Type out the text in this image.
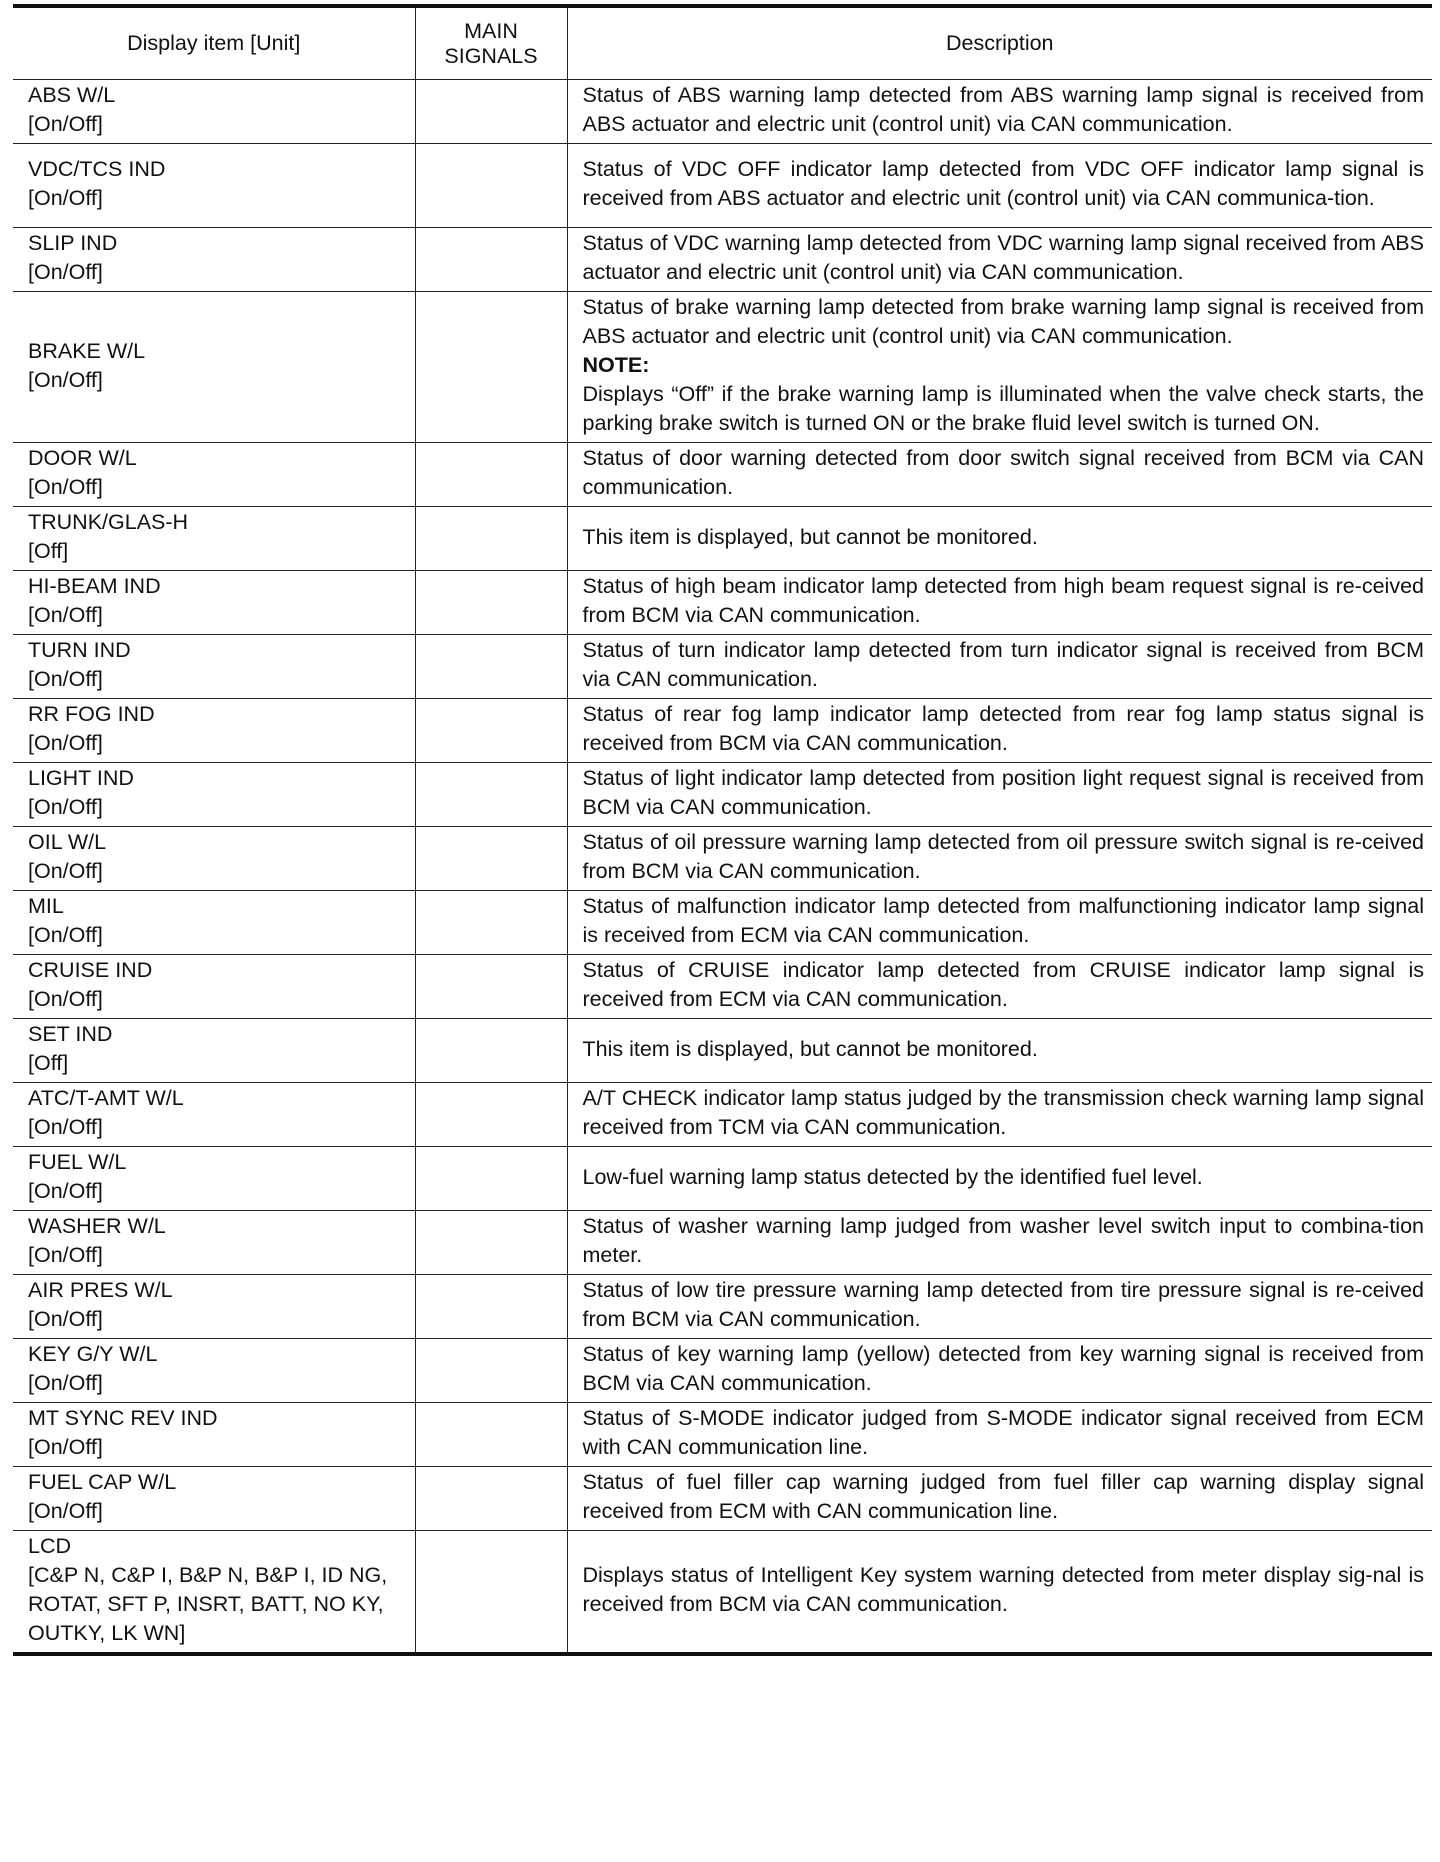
Display item [Unit]	MAIN
SIGNALS	Description

ABS W/L
[On/Off]		Status of ABS warning lamp detected from ABS warning lamp signal is received from ABS actuator and electric unit (control unit) via CAN communication.

VDC/TCS IND
[On/Off]		Status of VDC OFF indicator lamp detected from VDC OFF indicator lamp signal is received from ABS actuator and electric unit (control unit) via CAN communica-tion.

SLIP IND
[On/Off]		Status of VDC warning lamp detected from VDC warning lamp signal received from ABS actuator and electric unit (control unit) via CAN communication.

BRAKE W/L
[On/Off]		Status of brake warning lamp detected from brake warning lamp signal is received from ABS actuator and electric unit (control unit) via CAN communication.
NOTE:
Displays “Off” if the brake warning lamp is illuminated when the valve check starts, the parking brake switch is turned ON or the brake fluid level switch is turned ON.

DOOR W/L
[On/Off]		Status of door warning detected from door switch signal received from BCM via CAN communication.

TRUNK/GLAS-H
[Off]		This item is displayed, but cannot be monitored.

HI-BEAM IND
[On/Off]		Status of high beam indicator lamp detected from high beam request signal is re-ceived from BCM via CAN communication.

TURN IND
[On/Off]		Status of turn indicator lamp detected from turn indicator signal is received from BCM via CAN communication.

RR FOG IND
[On/Off]		Status of rear fog lamp indicator lamp detected from rear fog lamp status signal is received from BCM via CAN communication.

LIGHT IND
[On/Off]		Status of light indicator lamp detected from position light request signal is received from BCM via CAN communication.

OIL W/L
[On/Off]		Status of oil pressure warning lamp detected from oil pressure switch signal is re-ceived from BCM via CAN communication.

MIL
[On/Off]		Status of malfunction indicator lamp detected from malfunctioning indicator lamp signal is received from ECM via CAN communication.

CRUISE IND
[On/Off]		Status of CRUISE indicator lamp detected from CRUISE indicator lamp signal is received from ECM via CAN communication.

SET IND
[Off]		This item is displayed, but cannot be monitored.

ATC/T-AMT W/L
[On/Off]		A/T CHECK indicator lamp status judged by the transmission check warning lamp signal received from TCM via CAN communication.

FUEL W/L
[On/Off]		Low-fuel warning lamp status detected by the identified fuel level.

WASHER W/L
[On/Off]		Status of washer warning lamp judged from washer level switch input to combina-tion meter.

AIR PRES W/L
[On/Off]		Status of low tire pressure warning lamp detected from tire pressure signal is re-ceived from BCM via CAN communication.

KEY G/Y W/L
[On/Off]		Status of key warning lamp (yellow) detected from key warning signal is received from BCM via CAN communication.

MT SYNC REV IND
[On/Off]		Status of S-MODE indicator judged from S-MODE indicator signal received from ECM with CAN communication line.

FUEL CAP W/L
[On/Off]		Status of fuel filler cap warning judged from fuel filler cap warning display signal received from ECM with CAN communication line.

LCD
[C&P N, C&P I, B&P N, B&P I, ID NG, ROTAT, SFT P, INSRT, BATT, NO KY, OUTKY, LK WN]		Displays status of Intelligent Key system warning detected from meter display sig-nal is received from BCM via CAN communication.
